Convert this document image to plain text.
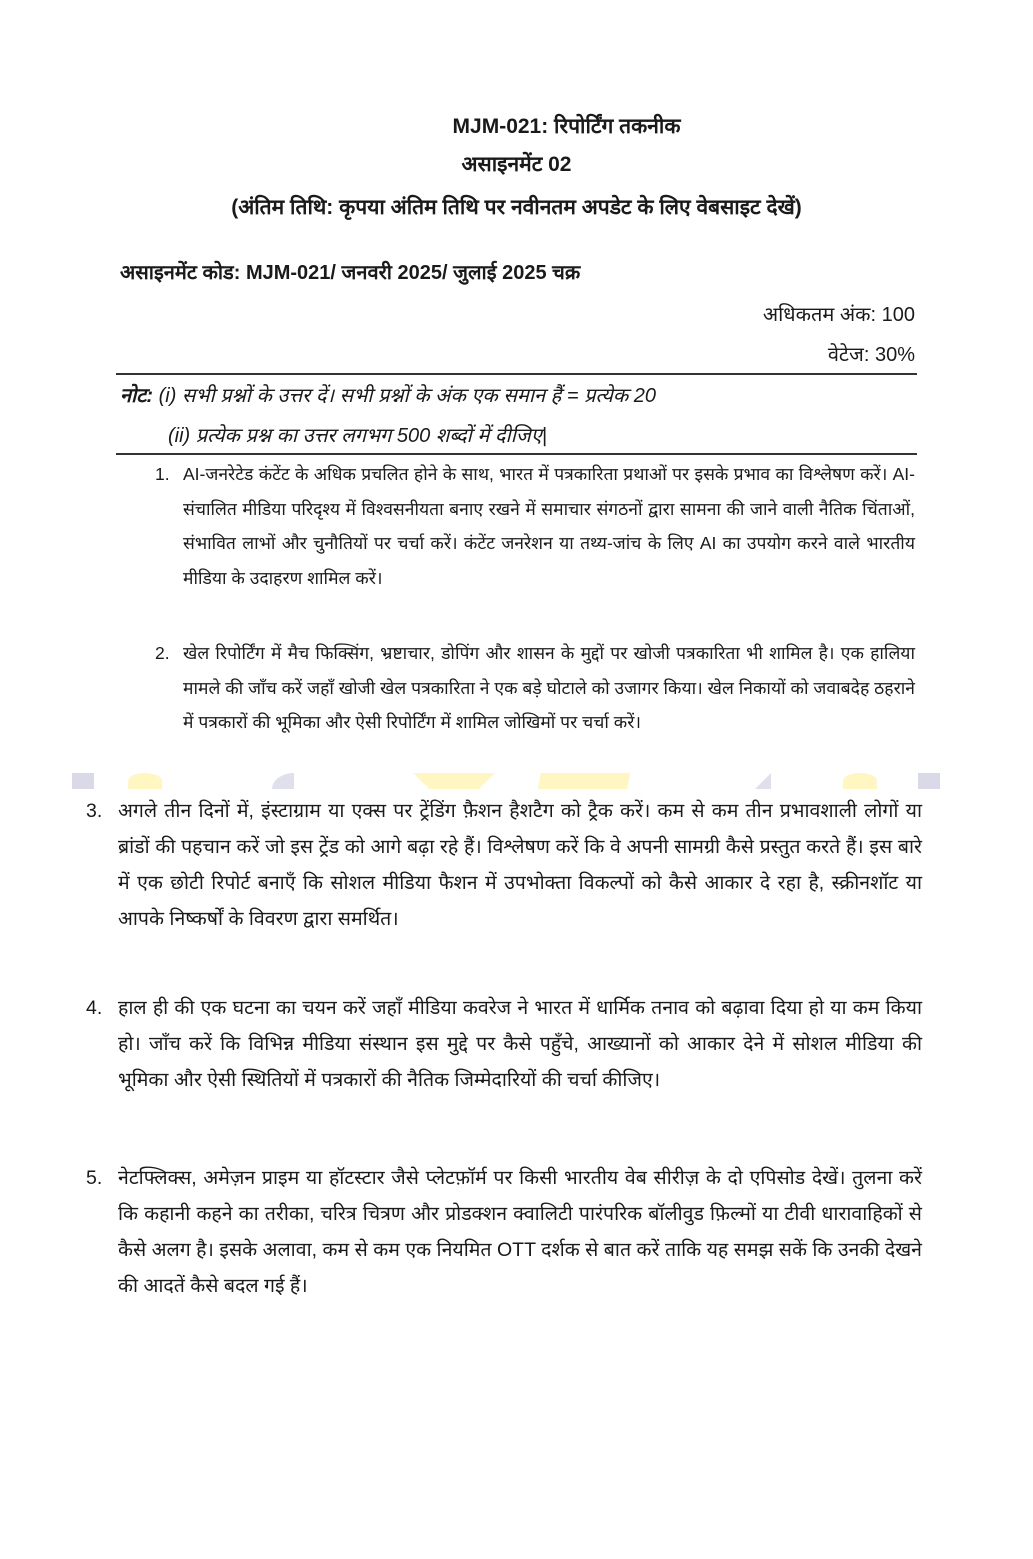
MJM-021: रिपोर्टिंग तकनीक
असाइनमेंट 02
(अंतिम तिथि: कृपया अंतिम तिथि पर नवीनतम अपडेट के लिए वेबसाइट देखें)
असाइनमेंट कोड: MJM-021/ जनवरी 2025/ जुलाई 2025 चक्र
अधिकतम अंक: 100
वेटेज: 30%
नोट: (i) सभी प्रश्नों के उत्तर दें। सभी प्रश्नों के अंक एक समान हैं = प्रत्येक 20
(ii) प्रत्येक प्रश्न का उत्तर लगभग 500 शब्दों में दीजिए|
1. AI-जनरेटेड कंटेंट के अधिक प्रचलित होने के साथ, भारत में पत्रकारिता प्रथाओं पर इसके प्रभाव का विश्लेषण करें। AI-संचालित मीडिया परिदृश्य में विश्वसनीयता बनाए रखने में समाचार संगठनों द्वारा सामना की जाने वाली नैतिक चिंताओं, संभावित लाभों और चुनौतियों पर चर्चा करें। कंटेंट जनरेशन या तथ्य-जांच के लिए AI का उपयोग करने वाले भारतीय मीडिया के उदाहरण शामिल करें।
2. खेल रिपोर्टिंग में मैच फिक्सिंग, भ्रष्टाचार, डोपिंग और शासन के मुद्दों पर खोजी पत्रकारिता भी शामिल है। एक हालिया मामले की जाँच करें जहाँ खोजी खेल पत्रकारिता ने एक बड़े घोटाले को उजागर किया। खेल निकायों को जवाबदेह ठहराने में पत्रकारों की भूमिका और ऐसी रिपोर्टिंग में शामिल जोखिमों पर चर्चा करें।
3. अगले तीन दिनों में, इंस्टाग्राम या एक्स पर ट्रेंडिंग फ़ैशन हैशटैग को ट्रैक करें। कम से कम तीन प्रभावशाली लोगों या ब्रांडों की पहचान करें जो इस ट्रेंड को आगे बढ़ा रहे हैं। विश्लेषण करें कि वे अपनी सामग्री कैसे प्रस्तुत करते हैं। इस बारे में एक छोटी रिपोर्ट बनाएँ कि सोशल मीडिया फैशन में उपभोक्ता विकल्पों को कैसे आकार दे रहा है, स्क्रीनशॉट या आपके निष्कर्षों के विवरण द्वारा समर्थित।
4. हाल ही की एक घटना का चयन करें जहाँ मीडिया कवरेज ने भारत में धार्मिक तनाव को बढ़ावा दिया हो या कम किया हो। जाँच करें कि विभिन्न मीडिया संस्थान इस मुद्दे पर कैसे पहुँचे, आख्यानों को आकार देने में सोशल मीडिया की भूमिका और ऐसी स्थितियों में पत्रकारों की नैतिक जिम्मेदारियों की चर्चा कीजिए।
5. नेटफ्लिक्स, अमेज़न प्राइम या हॉटस्टार जैसे प्लेटफ़ॉर्म पर किसी भारतीय वेब सीरीज़ के दो एपिसोड देखें। तुलना करें कि कहानी कहने का तरीका, चरित्र चित्रण और प्रोडक्शन क्वालिटी पारंपरिक बॉलीवुड फ़िल्मों या टीवी धारावाहिकों से कैसे अलग है। इसके अलावा, कम से कम एक नियमित OTT दर्शक से बात करें ताकि यह समझ सकें कि उनकी देखने की आदतें कैसे बदल गई हैं।
